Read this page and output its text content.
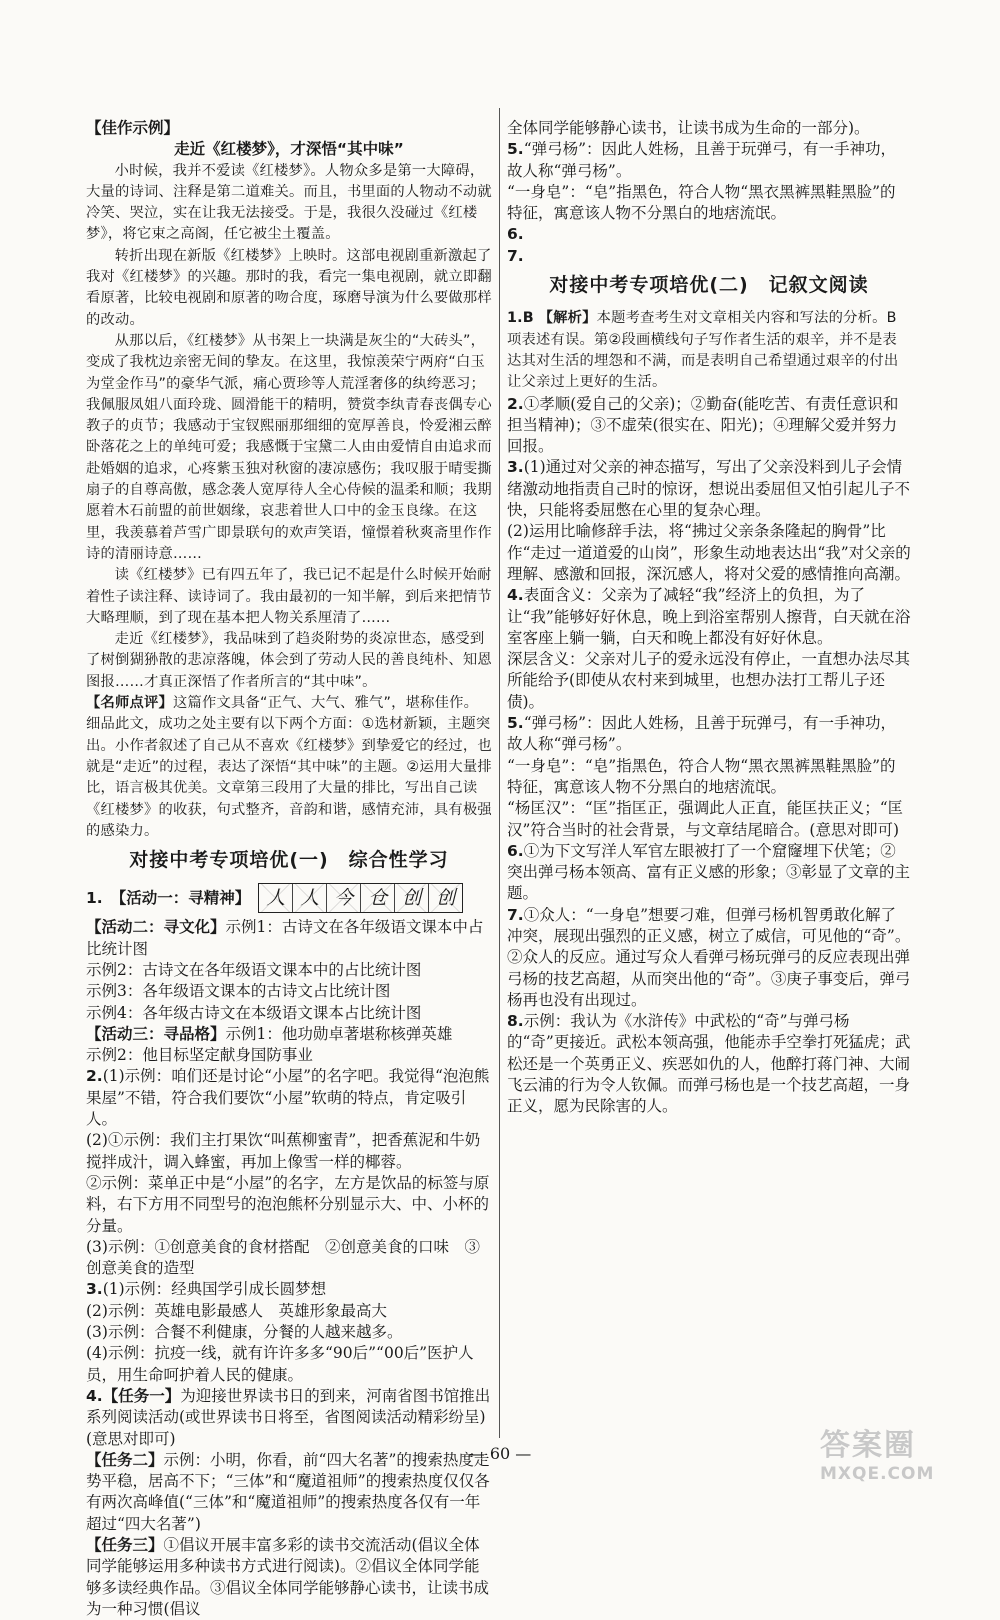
【佳作示例】

走近《红楼梦》，才深悟“其中味”

小时候，我并不爱读《红楼梦》。人物众多是第一大障碍，大量的诗词、注释是第二道难关。而且，书里面的人物动不动就冷笑、哭泣，实在让我无法接受。于是，我很久没碰过《红楼梦》，将它束之高阁，任它被尘土覆盖。

转折出现在新版《红楼梦》上映时。这部电视剧重新激起了我对《红楼梦》的兴趣。那时的我，看完一集电视剧，就立即翻看原著，比较电视剧和原著的吻合度，琢磨导演为什么要做那样的改动。

从那以后，《红楼梦》从书架上一块满是灰尘的“大砖头”，变成了我枕边亲密无间的挚友。在这里，我惊羡荣宁两府“白玉为堂金作马”的豪华气派，痛心贾珍等人荒淫奢侈的纨绔恶习；我佩服凤姐八面玲珑、圆滑能干的精明，赞赏李纨青春丧偶专心教子的贞节；我感动于宝钗熙丽那细细的宽厚善良，怜爱湘云醉卧落花之上的单纯可爱；我感慨于宝黛二人由由爱情自由追求而赴婚姻的追求，心疼紫玉独对秋窗的凄凉感伤；我叹服于晴雯撕扇子的自尊高傲，感念袭人宽厚待人全心侍候的温柔和顺；我期愿着木石前盟的前世姻缘，哀悲着世人口中的金玉良缘。在这里，我羡慕着芦雪广即景联句的欢声笑语，憧憬着秋爽斋里作作诗的清丽诗意……

读《红楼梦》已有四五年了，我已记不起是什么时候开始耐着性子读注释、读诗词了。我由最初的一知半解，到后来把情节大略理顺，到了现在基本把人物关系厘清了……

走近《红楼梦》，我品味到了趋炎附势的炎凉世态，感受到了树倒猢狲散的悲凉落魄，体会到了劳动人民的善良纯朴、知恩图报……才真正深悟了作者所言的“其中味”。

【名师点评】这篇作文具备“正气、大气、雅气”，堪称佳作。细品此文，成功之处主要有以下两个方面：①选材新颖，主题突出。小作者叙述了自己从不喜欢《红楼梦》到挚爱它的经过，也就是“走近”的过程，表达了深悟“其中味”的主题。②运用大量排比，语言极其优美。文章第三段用了大量的排比，写出自己读《红楼梦》的收获，句式整齐，音韵和谐，感情充沛，具有极强的感染力。

对接中考专项培优(一)　综合性学习

1. 【活动一：寻精神】 人 人 今 仓 创 创

【活动二：寻文化】示例1：古诗文在各年级语文课本中占比统计图

示例2：古诗文在各年级语文课本中的占比统计图

示例3：各年级语文课本的古诗文占比统计图

示例4：各年级古诗文在本级语文课本占比统计图

【活动三：寻品格】示例1：他功勋卓著堪称核弹英雄

示例2：他目标坚定献身国防事业

2.(1)示例：咱们还是讨论“小屋”的名字吧。我觉得“泡泡熊果屋”不错，符合我们要饮“小屋”软萌的特点，肯定吸引人。

(2)①示例：我们主打果饮“叫蕉柳蜜青”，把香蕉泥和牛奶搅拌成汁，调入蜂蜜，再加上像雪一样的椰蓉。

②示例：菜单正中是“小屋”的名字，左方是饮品的标签与原料，右下方用不同型号的泡泡熊杯分别显示大、中、小杯的分量。

(3)示例：①创意美食的食材搭配　②创意美食的口味　③创意美食的造型

3.(1)示例：经典国学引成长圆梦想

(2)示例：英雄电影最感人　英雄形象最高大

(3)示例：合餐不利健康，分餐的人越来越多。

(4)示例：抗疫一线，就有许许多多“90后”“00后”医护人员，用生命呵护着人民的健康。

4.【任务一】为迎接世界读书日的到来，河南省图书馆推出系列阅读活动(或世界读书日将至，省图阅读活动精彩纷呈)(意思对即可)

【任务二】示例：小明，你看，前“四大名著”的搜索热度走势平稳，居高不下；“三体”和“魔道祖师”的搜索热度仅仅各有两次高峰值(“三体”和“魔道祖师”的搜索热度各仅有一年超过“四大名著”)

【任务三】①倡议开展丰富多彩的读书交流活动(倡议全体同学能够运用多种读书方式进行阅读)。②倡议全体同学能够多读经典作品。③倡议全体同学能够静心读书，让读书成为一种习惯(倡议

全体同学能够静心读书，让读书成为生命的一部分)。

5.“弹弓杨”：因此人姓杨，且善于玩弹弓，有一手神功，故人称“弹弓杨”。

“一身皂”：“皂”指黑色，符合人物“黑衣黑裤黑鞋黑脸”的特征，寓意该人物不分黑白的地痞流氓。

6.

7.

对接中考专项培优(二)　记叙文阅读

1.B 【解析】本题考查考生对文章相关内容和写法的分析。B项表述有误。第②段画横线句子写作者生活的艰辛，并不是表达其对生活的埋怨和不满，而是表明自己希望通过艰辛的付出让父亲过上更好的生活。

2.①孝顺(爱自己的父亲)；②勤奋(能吃苦、有责任意识和担当精神)；③不虚荣(很实在、阳光)；④理解父爱并努力回报。

3.(1)通过对父亲的神态描写，写出了父亲没料到儿子会情绪激动地指责自己时的惊讶，想说出委屈但又怕引起儿子不快，只能将委屈憋在心里的复杂心理。

(2)运用比喻修辞手法，将“拂过父亲条条隆起的胸骨”比作“走过一道道爱的山岗”，形象生动地表达出“我”对父亲的理解、感激和回报，深沉感人，将对父爱的感情推向高潮。

4.表面含义：父亲为了减轻“我”经济上的负担，为了让“我”能够好好休息，晚上到浴室帮别人擦背，白天就在浴室客座上躺一躺，白天和晚上都没有好好休息。

深层含义：父亲对儿子的爱永远没有停止，一直想办法尽其所能给予(即使从农村来到城里，也想办法打工帮儿子还债)。

5.“弹弓杨”：因此人姓杨，且善于玩弹弓，有一手神功，故人称“弹弓杨”。

“一身皂”：“皂”指黑色，符合人物“黑衣黑裤黑鞋黑脸”的特征，寓意该人物不分黑白的地痞流氓。

“杨匡汉”：“匡”指匡正，强调此人正直，能匡扶正义；“匡汉”符合当时的社会背景，与文章结尾暗合。(意思对即可)

6.①为下文写洋人军官左眼被打了一个窟窿埋下伏笔；②突出弹弓杨本领高、富有正义感的形象；③彰显了文章的主题。

7.①众人：“一身皂”想要刁难，但弹弓杨机智勇敢化解了冲突，展现出强烈的正义感，树立了威信，可见他的“奇”。②众人的反应。通过写众人看弹弓杨玩弹弓的反应表现出弹弓杨的技艺高超，从而突出他的“奇”。③庚子事变后，弹弓杨再也没有出现过。

8.示例：我认为《水浒传》中武松的“奇”与弹弓杨的“奇”更接近。武松本领高强，他能赤手空拳打死猛虎；武松还是一个英勇正义、疾恶如仇的人，他醉打蒋门神、大闹飞云浦的行为令人钦佩。而弹弓杨也是一个技艺高超，一身正义，愿为民除害的人。

— 60 —	答案圈
MXQE.COM
